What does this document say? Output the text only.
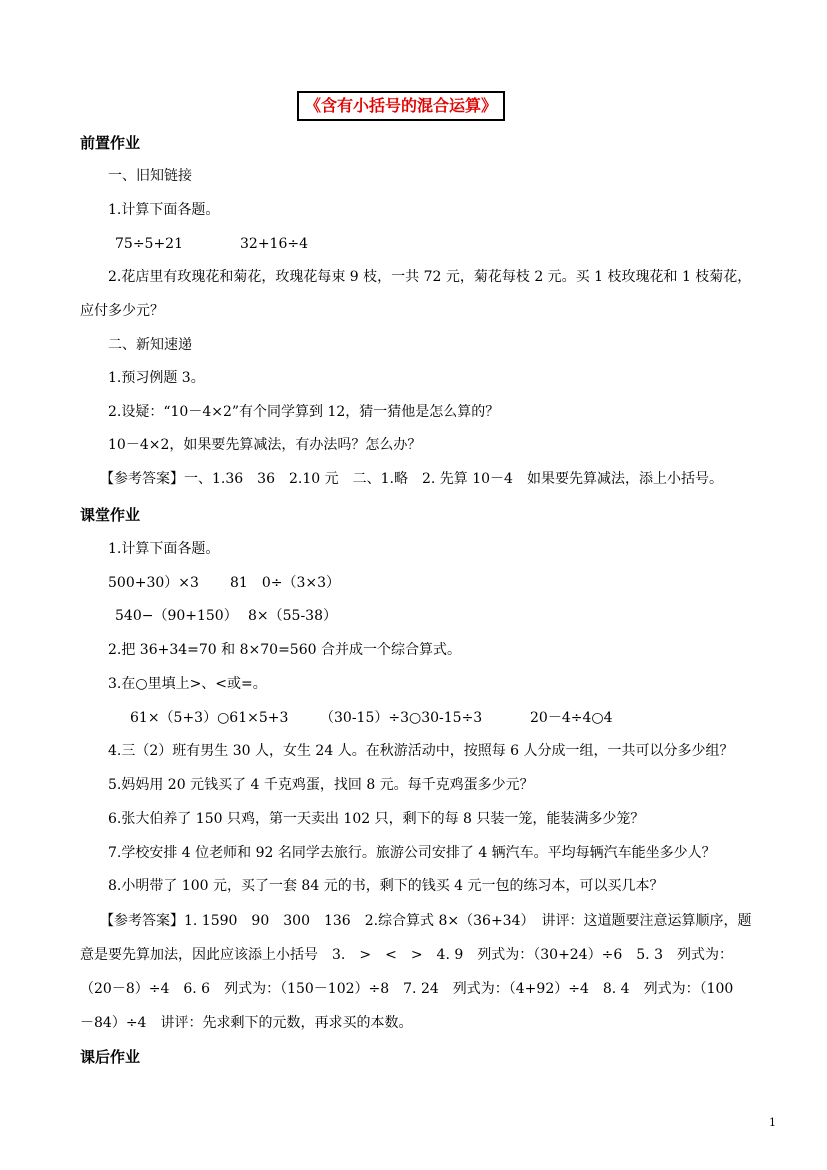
《含有小括号的混合运算》
前置作业
一、旧知链接
1.计算下面各题。
75÷5+21	32+16÷4
2.花店里有玫瑰花和菊花，玫瑰花每束 9 枝，一共 72 元，菊花每枝 2 元。买 1 枝玫瑰花和 1 枝菊花，
应付多少元？
二、新知速递
1.预习例题 3。
2.设疑：“10－4×2”有个同学算到 12，猜一猜他是怎么算的？
10－4×2，如果要先算减法，有办法吗？怎么办？
【参考答案】一、1.36　36　2.10 元　二、1.略　2. 先算 10－4　如果要先算减法，添上小括号。
课堂作业
1.计算下面各题。
500+30）×3 81　0÷（3×3）
540−（90+150） 8×（55-38）
2.把 36+34=70 和 8×70=560 合并成一个综合算式。
3.在○里填上>、<或=。
61×（5+3）○61×5+3 （30-15）÷3○30-15÷3	20－4÷4○4
4.三（2）班有男生 30 人，女生 24 人。在秋游活动中，按照每 6 人分成一组，一共可以分多少组？
5.妈妈用 20 元钱买了 4 千克鸡蛋，找回 8 元。每千克鸡蛋多少元？
6.张大伯养了 150 只鸡，第一天卖出 102 只，剩下的每 8 只装一笼，能装满多少笼？
7.学校安排 4 位老师和 92 名同学去旅行。旅游公司安排了 4 辆汽车。平均每辆汽车能坐多少人？
8.小明带了 100 元，买了一套 84 元的书，剩下的钱买 4 元一包的练习本，可以买几本？
【参考答案】1. 1590　90　300　136　2.综合算式 8×（36+34）　讲评：这道题要注意运算顺序，题
意是要先算加法，因此应该添上小括号　3.　>　<　>　4. 9　列式为：（30+24）÷6　5. 3　列式为：
（20－8）÷4　6. 6　列式为：（150－102）÷8　7. 24　列式为：（4+92）÷4　8. 4　列式为：（100
－84）÷4　讲评：先求剩下的元数，再求买的本数。
课后作业
1
